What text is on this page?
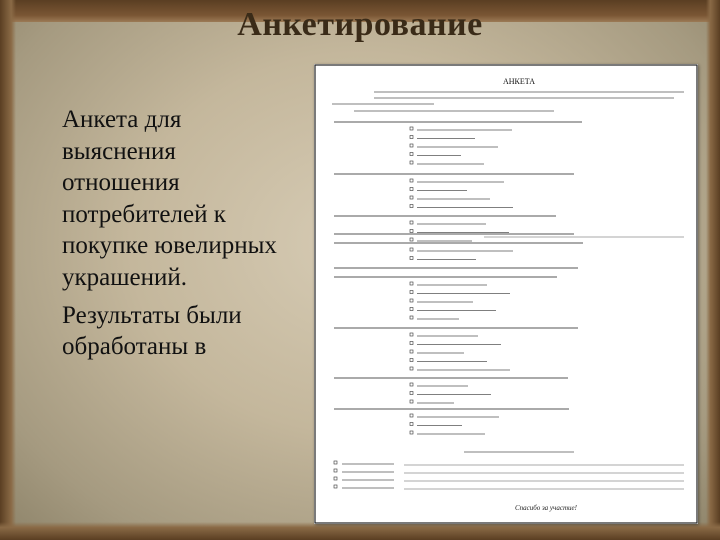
Анкетирование

Анкета для выяснения отношения потребителей к покупке ювелирных украшений.

Результаты были обработаны в

АНКЕТА
Спасибо за участие!
